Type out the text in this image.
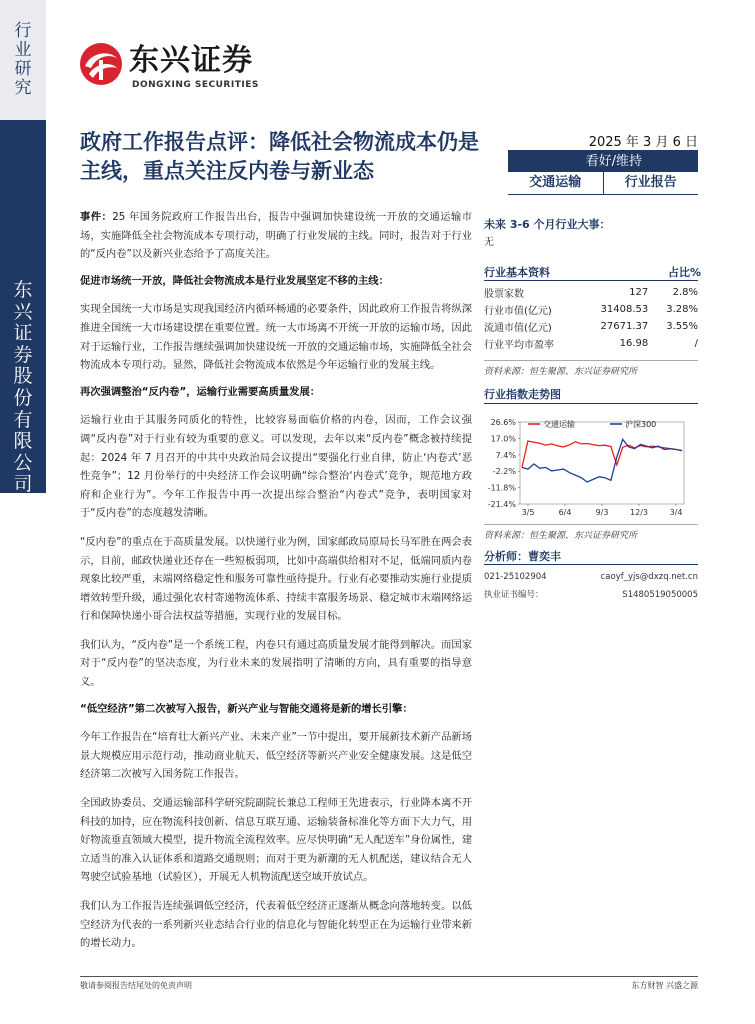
行业研究
东兴证券股份有限公司证券研究报告
东兴证券
DONGXING SECURITIES
政府工作报告点评：降低社会物流成本仍是主线，重点关注反内卷与新业态
2025 年 3 月 6 日
看好/维持
交通运输	行业报告

事件：25 年国务院政府工作报告出台，报告中强调加快建设统一开放的交通运输市场，实施降低全社会物流成本专项行动，明确了行业发展的主线。同时，报告对于行业的“反内卷”以及新兴业态给予了高度关注。

促进市场统一开放，降低社会物流成本是行业发展坚定不移的主线：

实现全国统一大市场是实现我国经济内循环畅通的必要条件，因此政府工作报告将纵深推进全国统一大市场建设摆在重要位置。统一大市场离不开统一开放的运输市场，因此对于运输行业，工作报告继续强调加快建设统一开放的交通运输市场，实施降低全社会物流成本专项行动。显然，降低社会物流成本依然是今年运输行业的发展主线。

再次强调整治“反内卷”，运输行业需要高质量发展：

运输行业由于其服务同质化的特性，比较容易面临价格的内卷，因而，工作会议强调“反内卷”对于行业有较为重要的意义。可以发现，去年以来“反内卷”概念被持续提起：2024 年 7 月召开的中共中央政治局会议提出“要强化行业自律，防止‘内卷式’恶性竞争”；12 月份举行的中央经济工作会议明确“综合整治‘内卷式’竞争，规范地方政府和企业行为”。今年工作报告中再一次提出综合整治“内卷式”竞争，表明国家对于“反内卷”的态度越发清晰。

“反内卷”的重点在于高质量发展。以快递行业为例，国家邮政局原局长马军胜在两会表示，目前，邮政快递业还存在一些短板弱项，比如中高端供给相对不足，低端同质内卷现象比较严重，末端网络稳定性和服务可靠性亟待提升。行业有必要推动实施行业提质增效转型升级，通过强化农村寄递物流体系、持续丰富服务场景、稳定城市末端网络运行和保障快递小哥合法权益等措施，实现行业的发展目标。

我们认为，“反内卷”是一个系统工程，内卷只有通过高质量发展才能得到解决。而国家对于“反内卷”的坚决态度，为行业未来的发展指明了清晰的方向，具有重要的指导意义。

“低空经济”第二次被写入报告，新兴产业与智能交通将是新的增长引擎：

今年工作报告在“培育壮大新兴产业、未来产业”一节中提出，要开展新技术新产品新场景大规模应用示范行动，推动商业航天、低空经济等新兴产业安全健康发展。这是低空经济第二次被写入国务院工作报告。

全国政协委员、交通运输部科学研究院副院长兼总工程师王先进表示，行业降本离不开科技的加持，应在物流科技创新、信息互联互通、运输装备标准化等方面下大力气，用好物流垂直领域大模型，提升物流全流程效率。应尽快明确“无人配送车”身份属性，建立适当的准入认证体系和道路交通规则；而对于更为新潮的无人机配送，建议结合无人驾驶空试验基地（试验区），开展无人机物流配送空域开放试点。

我们认为工作报告连续强调低空经济，代表着低空经济正逐渐从概念向落地转变。以低空经济为代表的一系列新兴业态结合行业的信息化与智能化转型正在为运输行业带来新的增长动力。

未来 3-6 个月行业大事：
无
行业基本资料	占比%
股票家数	127	2.8%
行业市值(亿元)	31408.53	3.28%
流通市值(亿元)	27671.37	3.55%
行业平均市盈率	16.98	/
资料来源：恒生聚源、东兴证券研究所
行业指数走势图
26.6%
17.0%
7.4%
-2.2%
-11.8%
-21.4%
3/5	6/4	9/3	12/3	3/4
交通运输	沪深300
资料来源：恒生聚源、东兴证券研究所
分析师：曹奕丰
021-25102904	caoyf_yjs@dxzq.net.cn
执业证书编号：	S1480519050005
敬请参阅报告结尾处的免责声明	东方财智 兴盛之源
